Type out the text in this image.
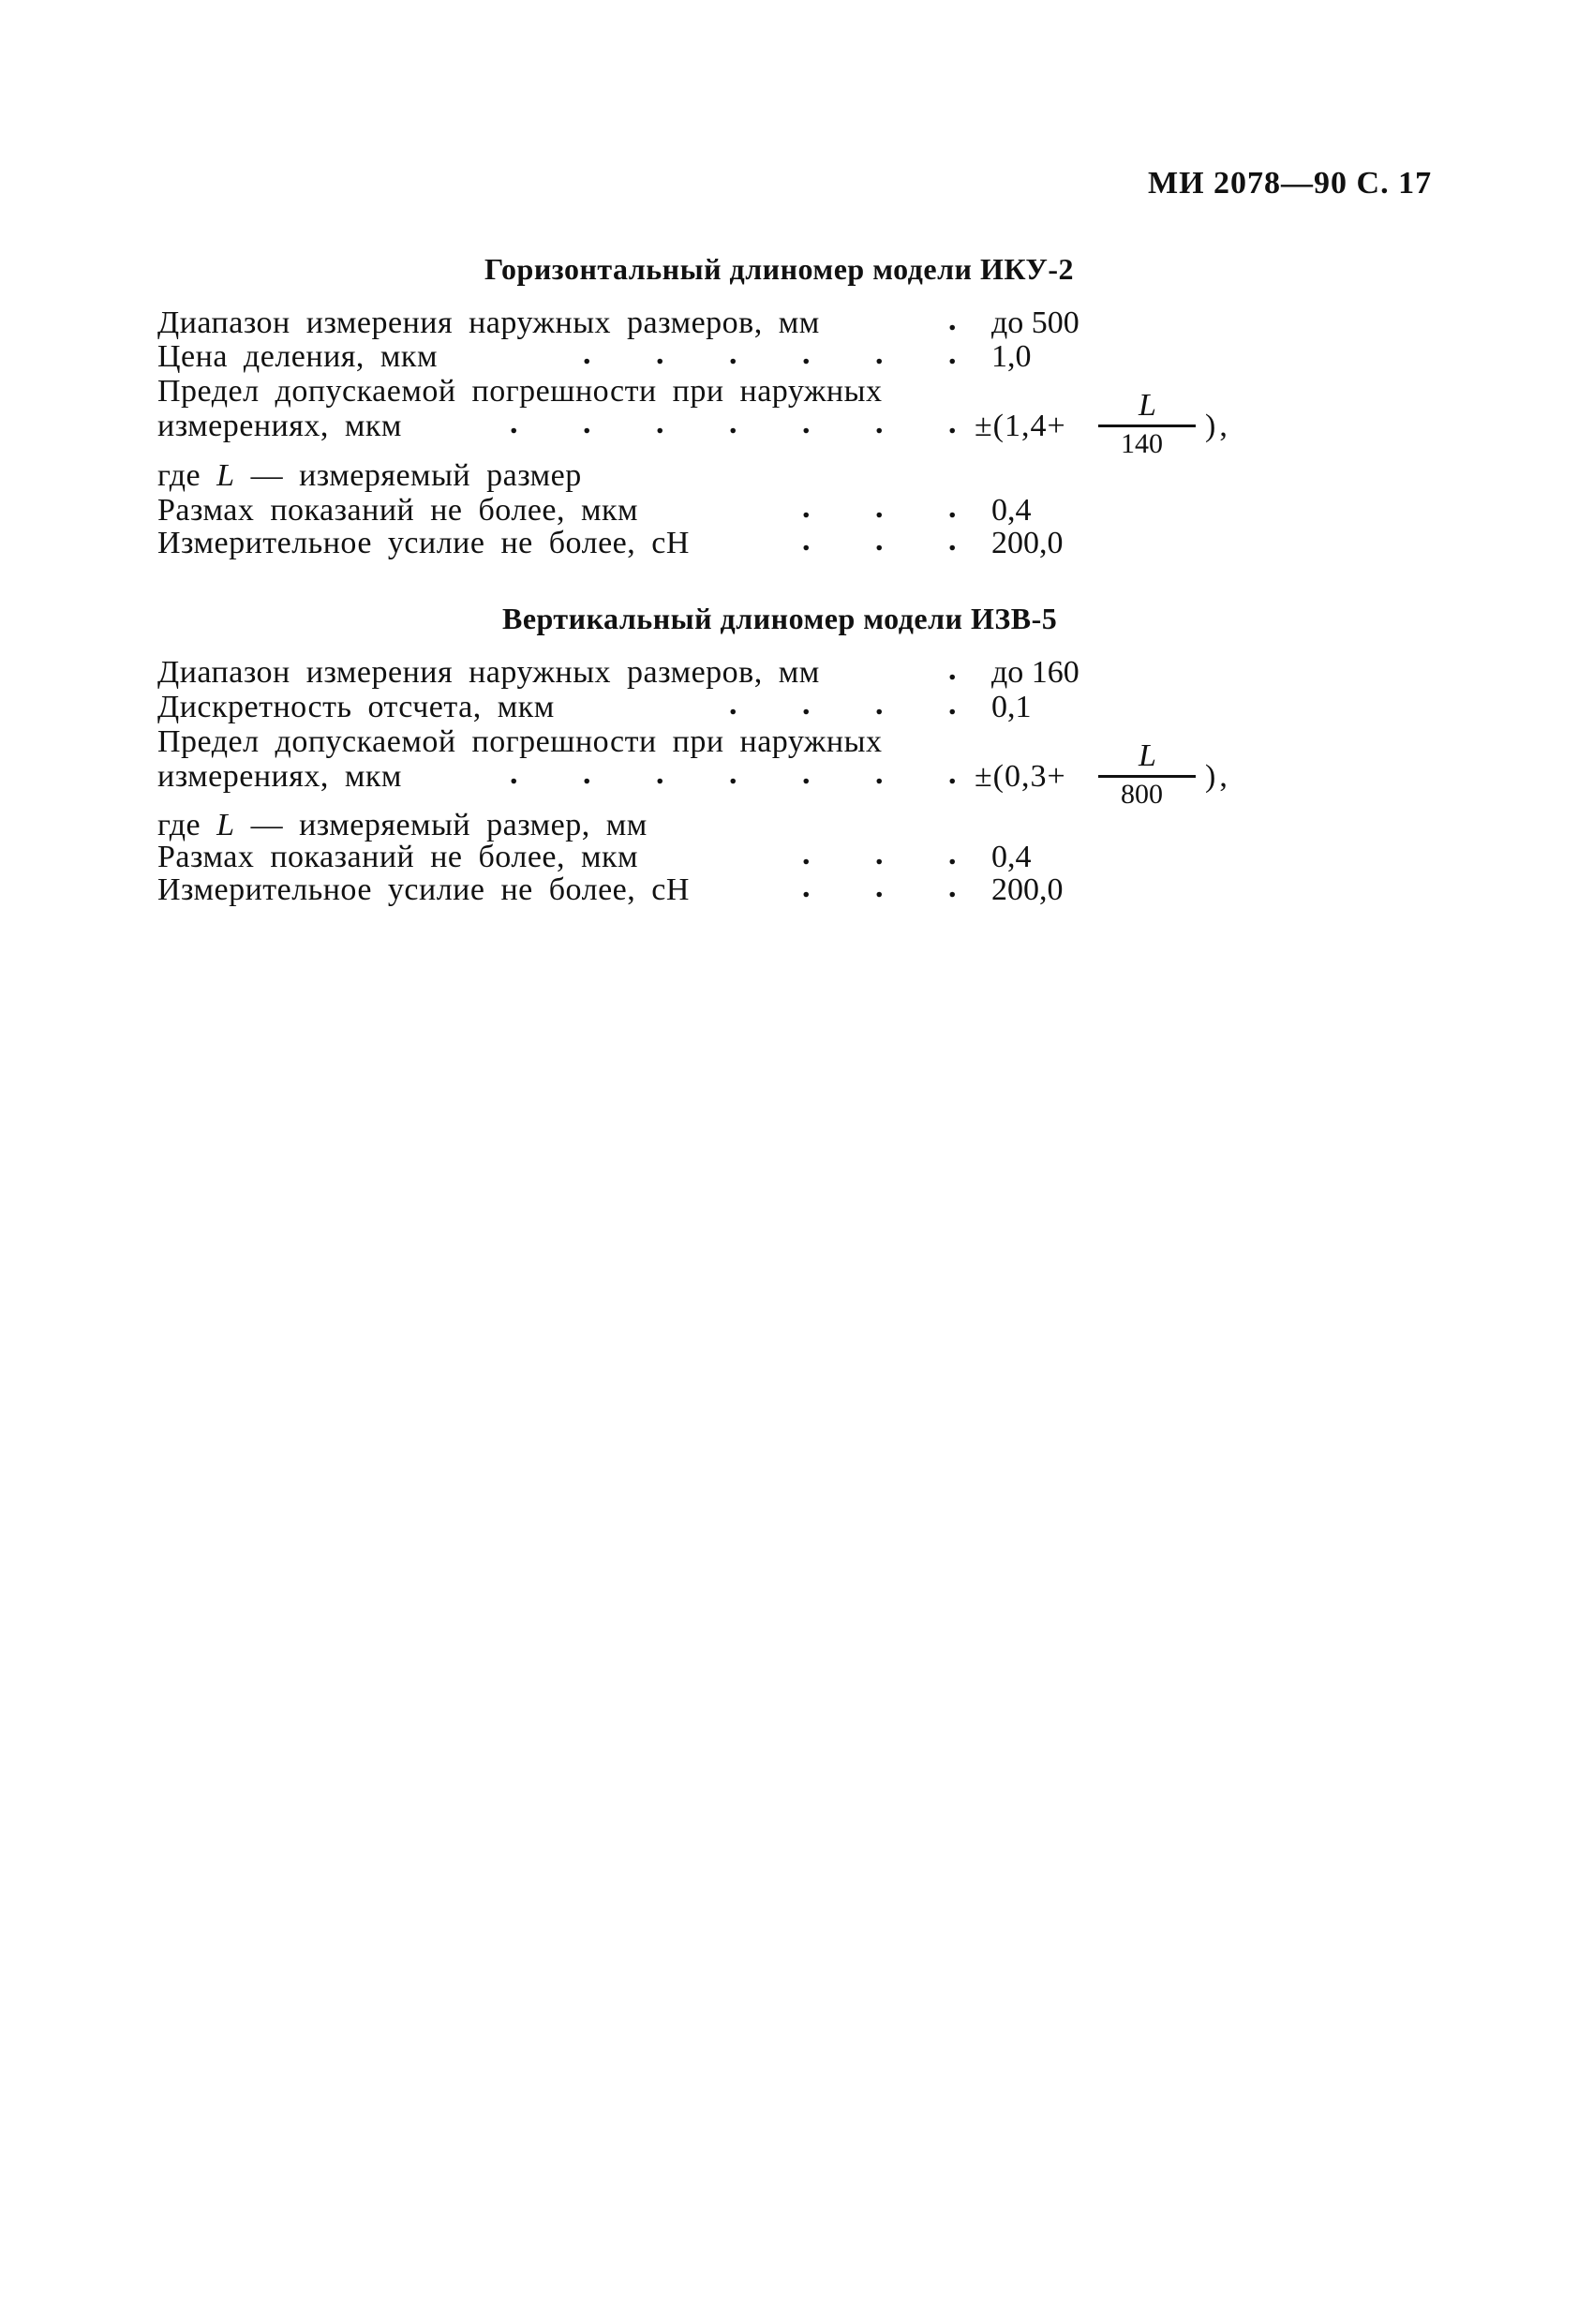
МИ 2078—90 С. 17
Горизонтальный длиномер модели ИКУ-2
Диапазон измерения наружных размеров, мм	. до 500
Цена деления, мкм	. . . . . . 1,0
Предел допускаемой погрешности при наружных
измерениях, мкм	. . . . . . . ±(1,4+
L
140
),
где L — измеряемый размер
Размах показаний не более, мкм	. . . 0,4
Измерительное усилие не более, сН	. . . 200,0
Вертикальный длиномер модели ИЗВ-5
Диапазон измерения наружных размеров, мм	. до 160
Дискретность отсчета, мкм	. . . . 0,1
Предел допускаемой погрешности при наружных
измерениях, мкм	. . . . . . . ±(0,3+
L
800
),
где L — измеряемый размер, мм
Размах показаний не более, мкм	. . . 0,4
Измерительное усилие не более, сН	. . . 200,0
